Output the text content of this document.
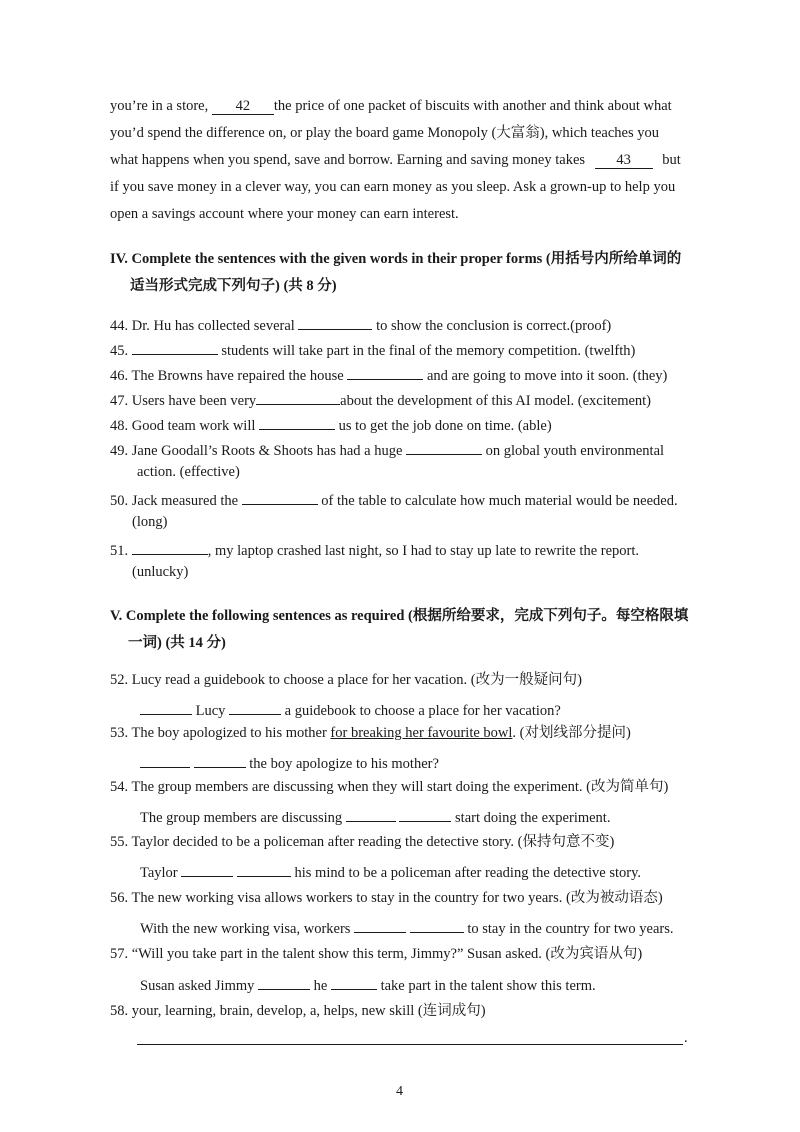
you’re in a store, 42 the price of one packet of biscuits with another and think about what
you’d spend the difference on, or play the board game Monopoly (大富翁), which teaches you
what happens when you spend, save and borrow. Earning and saving money takes 43 but
if you save money in a clever way, you can earn money as you sleep. Ask a grown-up to help you
open a savings account where your money can earn interest.
IV. Complete the sentences with the given words in their proper forms (用括号内所给单词的
适当形式完成下列句子) (共 8 分)
44. Dr. Hu has collected several	to show the conclusion is correct.(proof)
45.	students will take part in the final of the memory competition. (twelfth)
46. The Browns have repaired the house	and are going to move into it soon. (they)
47. Users have been very	about the development of this AI model. (excitement)
48. Good team work will	us to get the job done on time. (able)
49. Jane Goodall’s Roots & Shoots has had a huge	on global youth environmental
action. (effective)
50. Jack measured the	of the table to calculate how much material would be needed.
(long)
51.	, my laptop crashed last night, so I had to stay up late to rewrite the report.
(unlucky)
V. Complete the following sentences as required (根据所给要求，完成下列句子。每空格限填
一词) (共 14 分)
52. Lucy read a guidebook to choose a place for her vacation. (改为一般疑问句)
Lucy	a guidebook to choose a place for her vacation?
53. The boy apologized to his mother for breaking her favourite bowl. (对划线部分提问)
the boy apologize to his mother?
54. The group members are discussing when they will start doing the experiment. (改为简单句)
The group members are discussing	start doing the experiment.
55. Taylor decided to be a policeman after reading the detective story. (保持句意不变)
Taylor	his mind to be a policeman after reading the detective story.
56. The new working visa allows workers to stay in the country for two years. (改为被动语态)
With the new working visa, workers	to stay in the country for two years.
57. “Will you take part in the talent show this term, Jimmy?” Susan asked. (改为宾语从句)
Susan asked Jimmy	he	take part in the talent show this term.
58. your, learning, brain, develop, a, helps, new skill (连词成句)
.
4
